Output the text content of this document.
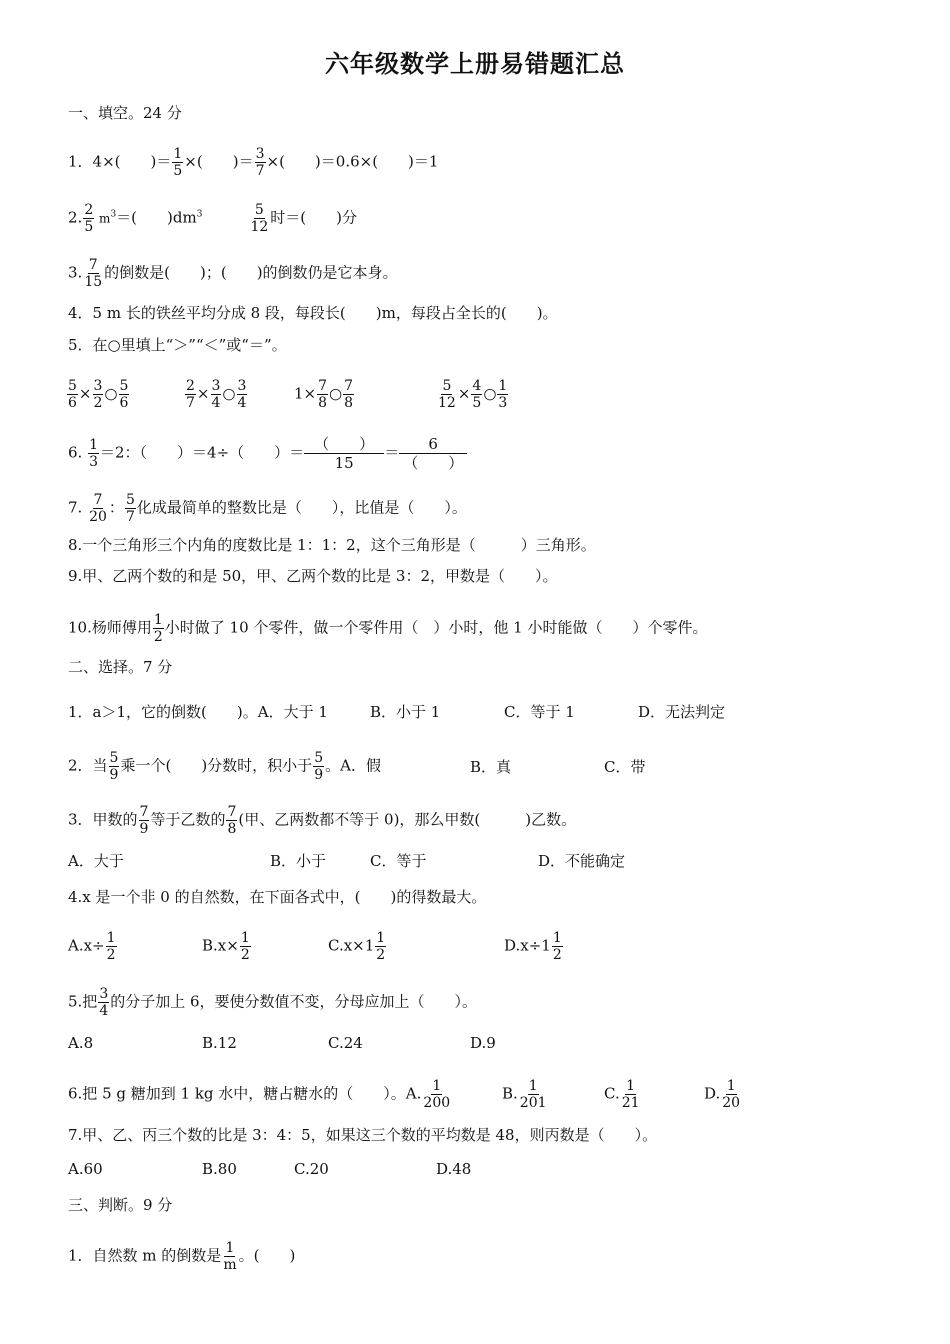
六年级数学上册易错题汇总
一、填空。24 分
1．4×(　　)＝ $\frac{1}{5}$ ×(　　)＝ $\frac{3}{7}$ ×(　　)＝0.6×(　　)＝1
2. $\frac{2}{5} m^3=$(　　)$dm^3$	$\frac{5}{12}$ 时＝(　　)分
3. $\frac{7}{15}$ 的倒数是(　　)；(　　)的倒数仍是它本身。
4．5 m 长的铁丝平均分成 8 段，每段长(　　)m，每段占全长的(　　)。
5．在○里填上“＞”“＜”或“＝”。
$\frac{5}{6} \times \frac{3}{2}$ ○ $\frac{5}{6}$	$\frac{2}{7} \times \frac{3}{4}$ ○ $\frac{3}{4}$	$1\times \frac{7}{8}$ ○ $\frac{7}{8}$	$\frac{5}{12} \times \frac{4}{5}$ ○ $\frac{1}{3}$
6. $\frac{1}{3} =2$：（　　）＝4÷（　　）＝ （　　）
15
＝	6
（　　）
7. $\frac{7}{20}$ ： $\frac{5}{7}$ 化成最简单的整数比是（　　），比值是（　　）。
8.一个三角形三个内角的度数比是 1：1：2，这个三角形是（　　　）三角形。
9.甲、乙两个数的和是 50，甲、乙两个数的比是 3：2，甲数是（　　）。
10.杨师傅用 $\frac{1}{2}$ 小时做了 10 个零件，做一个零件用（　）小时，他 1 小时能做（　　）个零件。
二、选择。7 分
1．a＞1，它的倒数(　　)。A．大于 1	B．小于 1	C．等于 1	D．无法判定
2．当 $\frac{5}{9}$ 乘一个(　　)分数时，积小于 $\frac{5}{9}$ 。A．假	B．真	C．带
3．甲数的 $\frac{7}{9}$ 等于乙数的 $\frac{7}{8}$ (甲、乙两数都不等于 0)，那么甲数(　　　)乙数。
A．大于	B．小于	C．等于	D．不能确定
4.x 是一个非 0 的自然数，在下面各式中，(　　)的得数最大。
$A.x\div \frac{1}{2}$	$B.x\times \frac{1}{2}$	$C.x\times 1 \frac{1}{2}$	$D.x\div 1 \frac{1}{2}$
5.把 $\frac{3}{4}$ 的分子加上 6，要使分数值不变，分母应加上（　　）。
A.8	B.12	C.24	D.9
6.把 5 g 糖加到 1 kg 水中，糖占糖水的（　　）。A. $\frac{1}{200}$	B. $\frac{1}{201}$	C. $\frac{1}{21}$	D. $\frac{1}{20}$
7.甲、乙、丙三个数的比是 3：4：5，如果这三个数的平均数是 48，则丙数是（　　）。
A.60	B.80	C.20	D.48
三、判断。9 分
1．自然数 m 的倒数是 $\frac{1}{m}$ 。(　　)
